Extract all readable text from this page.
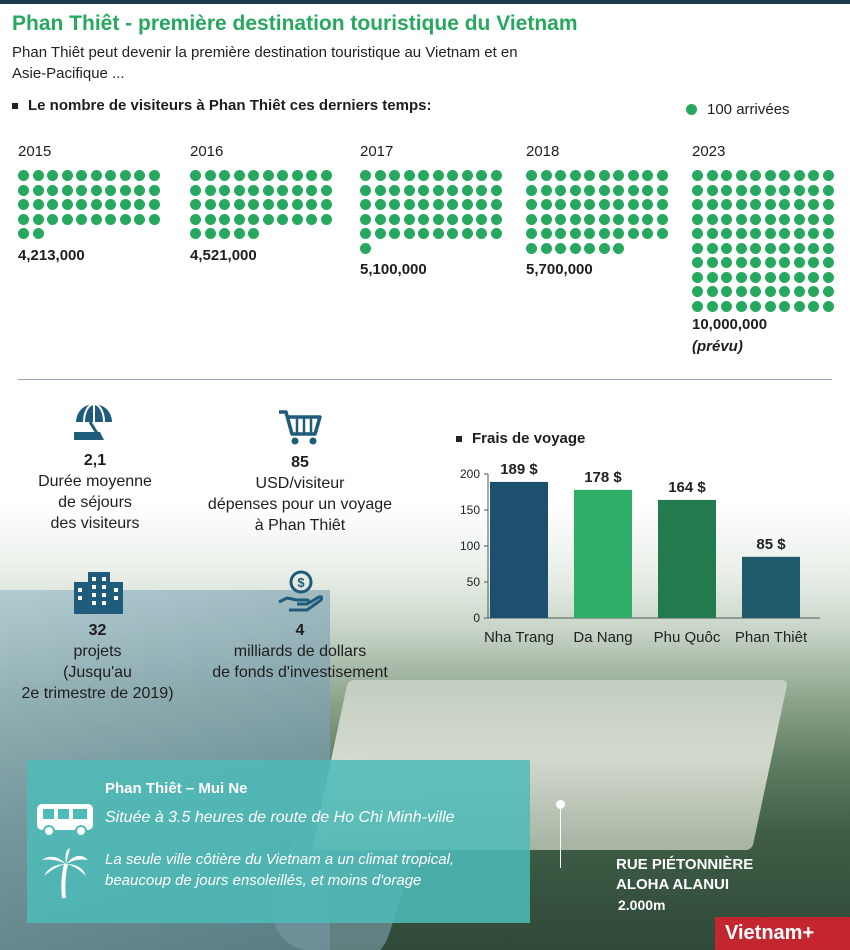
Phan Thiêt - première destination touristique du Vietnam
Phan Thiêt peut devenir la première destination touristique au Vietnam et en Asie-Pacifique ...
Le nombre de visiteurs à Phan Thiêt ces derniers temps:	100 arrivées
2015
4,213,000
2016
4,521,000
2017
5,100,000
2018
5,700,000
2023
10,000,000
(prévu)
2,1
Durée moyenne
de séjours
des visiteurs
85
USD/visiteur
dépenses pour un voyage
à Phan Thiêt
32
projets
(Jusqu'au
2e trimestre de 2019)
$
4
milliards de dollars
de fonds d'investisement
Frais de voyage
0
50
100
150
200 189 $
Nha Trang
178 $
Da Nang
164 $
Phu Quôc
85 $
Phan Thiêt
Phan Thiêt – Mui Ne
Située à 3.5 heures de route de Ho Chi Minh-ville
La seule ville côtière du Vietnam a un climat tropical, beaucoup de jours ensoleillés, et moins d'orage
RUE PIÉTONNIÈRE
ALOHA ALANUI
2.000m
Vietnam+
